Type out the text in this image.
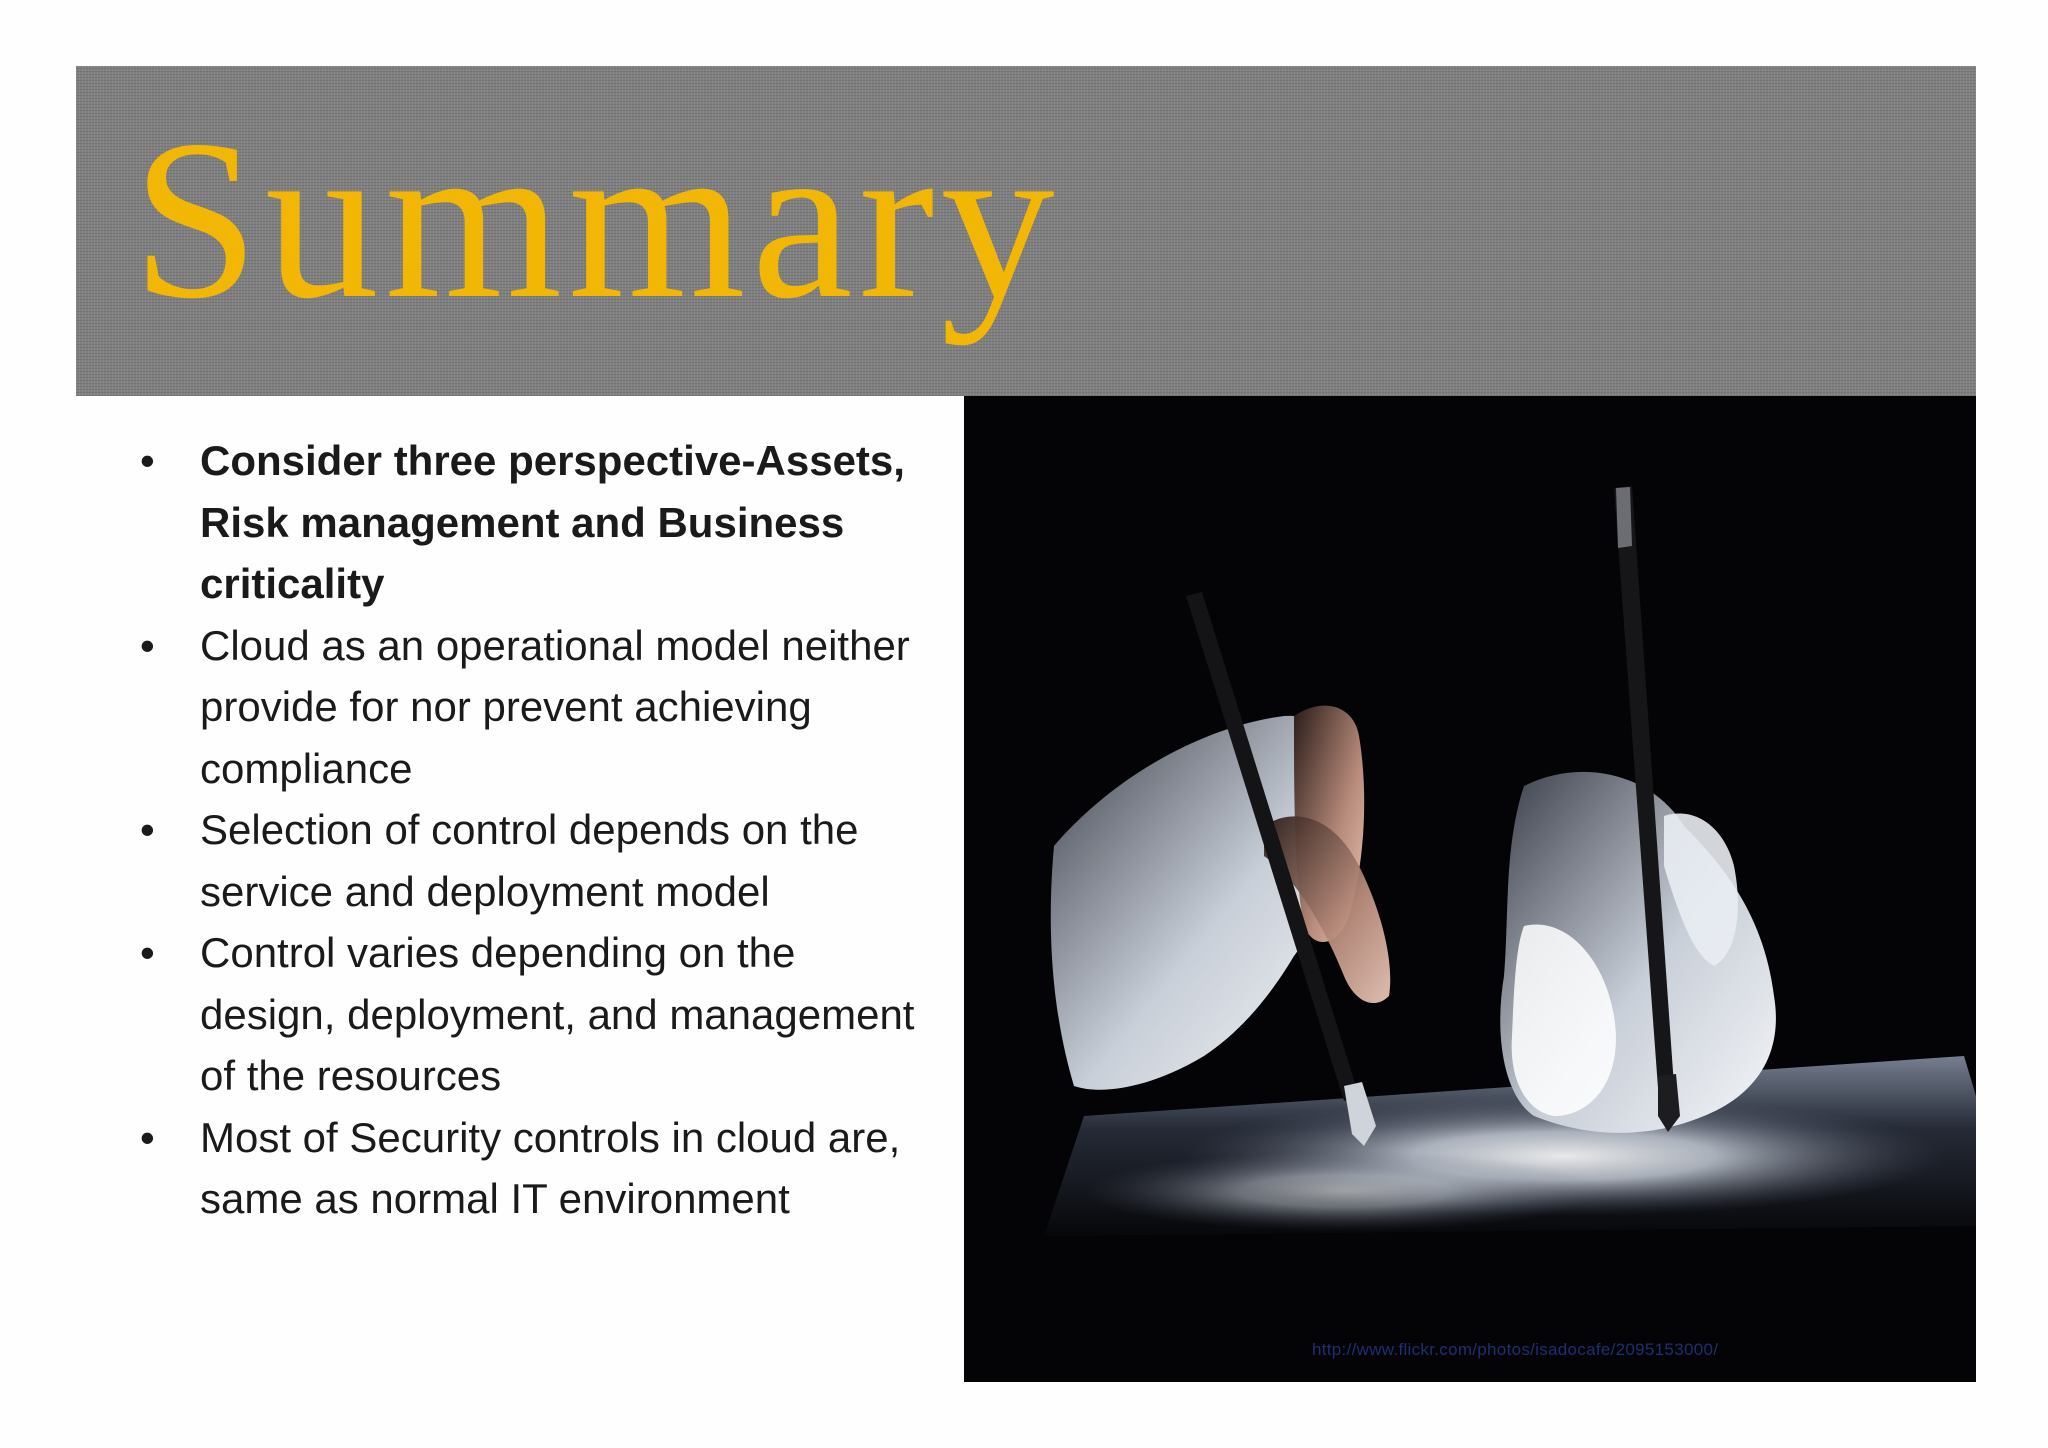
Summary
•	Consider three perspective-Assets, Risk management and Business criticality
•	Cloud as an operational model neither provide for nor prevent achieving compliance
•	Selection of control depends on the service and deployment model
•	Control varies depending on the design, deployment, and management of the resources
•	Most of Security controls in cloud are, same as normal IT environment
http://www.flickr.com/photos/isadocafe/2095153000/
